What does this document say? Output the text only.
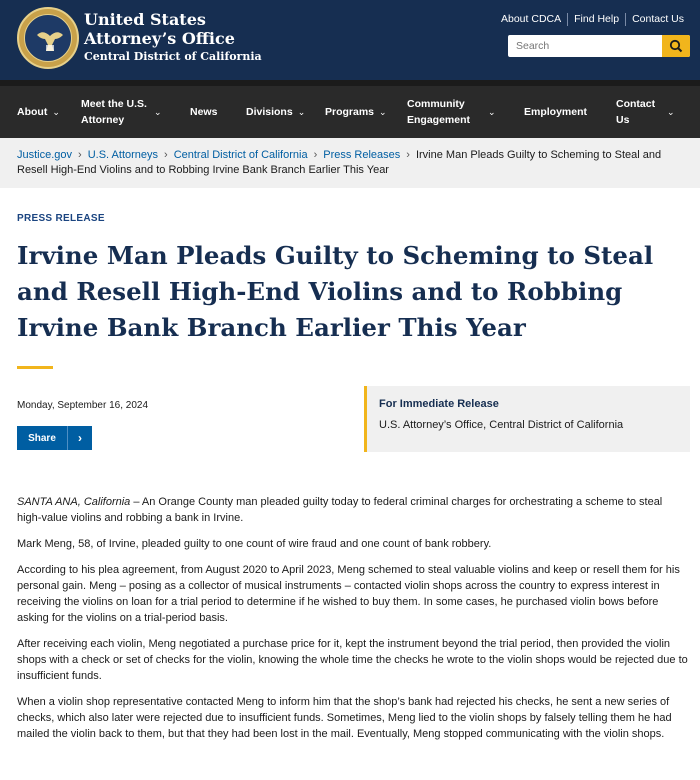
United States
Attorney’s Office
Central District of California
About CDCA	Find Help	Contact Us
Search
About ⌄
Meet the U.S. Attorney
⌄	News	Divisions ⌄ Programs ⌄
Community Engagement
⌄	Employment
Contact Us
⌄
Justice.gov › U.S. Attorneys › Central District of California › Press Releases › Irvine Man Pleads Guilty to Scheming to Steal and Resell High-End Violins and to Robbing Irvine Bank Branch Earlier This Year
PRESS RELEASE
Irvine Man Pleads Guilty to Scheming to Steal and Resell High-End Violins and to Robbing Irvine Bank Branch Earlier This Year
Monday, September 16, 2024
Share	›
For Immediate Release
U.S. Attorney’s Office, Central District of California

SANTA ANA, California – An Orange County man pleaded guilty today to federal criminal charges for orchestrating a scheme to steal high-value violins and robbing a bank in Irvine.

Mark Meng, 58, of Irvine, pleaded guilty to one count of wire fraud and one count of bank robbery.

According to his plea agreement, from August 2020 to April 2023, Meng schemed to steal valuable violins and keep or resell them for his personal gain. Meng – posing as a collector of musical instruments – contacted violin shops across the country to express interest in receiving the violins on loan for a trial period to determine if he wished to buy them. In some cases, he purchased violin bows before asking for the violins on a trial-period basis.

After receiving each violin, Meng negotiated a purchase price for it, kept the instrument beyond the trial period, then provided the violin shops with a check or set of checks for the violin, knowing the whole time the checks he wrote to the violin shops would be rejected due to insufficient funds.

When a violin shop representative contacted Meng to inform him that the shop’s bank had rejected his checks, he sent a new series of checks, which also later were rejected due to insufficient funds. Sometimes, Meng lied to the violin shops by falsely telling them he had mailed the violin back to them, but that they had been lost in the mail. Eventually, Meng stopped communicating with the violin shops.
